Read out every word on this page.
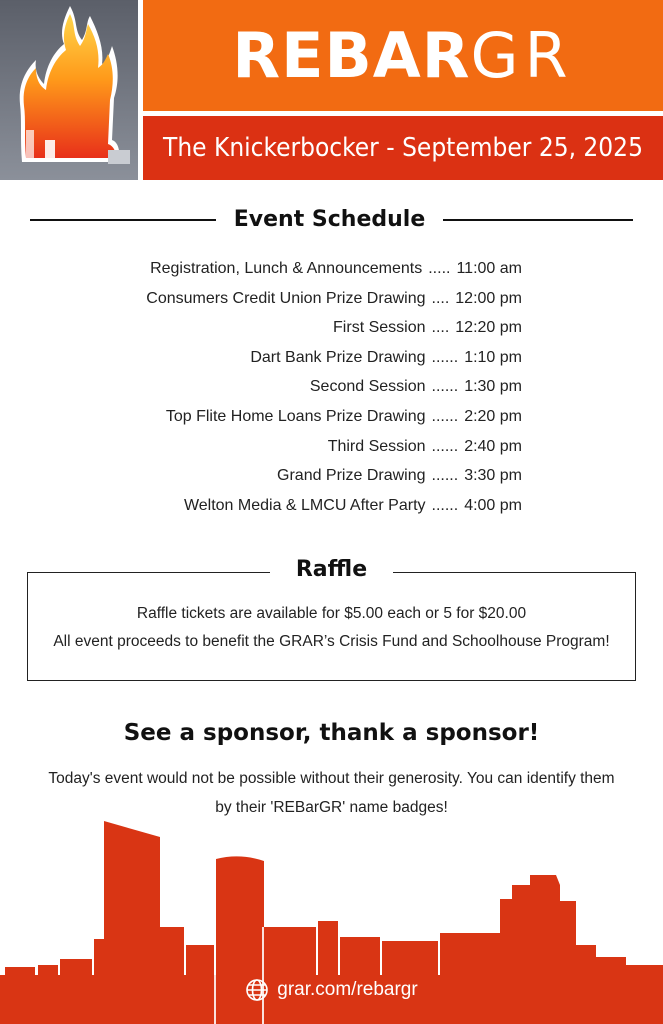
REBARGR
The Knickerbocker - September 25, 2025
Event Schedule
Registration, Lunch & Announcements ..... 11:00 am
Consumers Credit Union Prize Drawing .... 12:00 pm
First Session .... 12:20 pm
Dart Bank Prize Drawing ...... 1:10 pm
Second Session ...... 1:30 pm
Top Flite Home Loans Prize Drawing ...... 2:20 pm
Third Session ...... 2:40 pm
Grand Prize Drawing ...... 3:30 pm
Welton Media & LMCU After Party ...... 4:00 pm
Raffle
Raffle tickets are available for $5.00 each or 5 for $20.00
All event proceeds to benefit the GRAR’s Crisis Fund and Schoolhouse Program!
See a sponsor, thank a sponsor!
Today's event would not be possible without their generosity. You can identify them by their 'REBarGR' name badges!
grar.com/rebargr
